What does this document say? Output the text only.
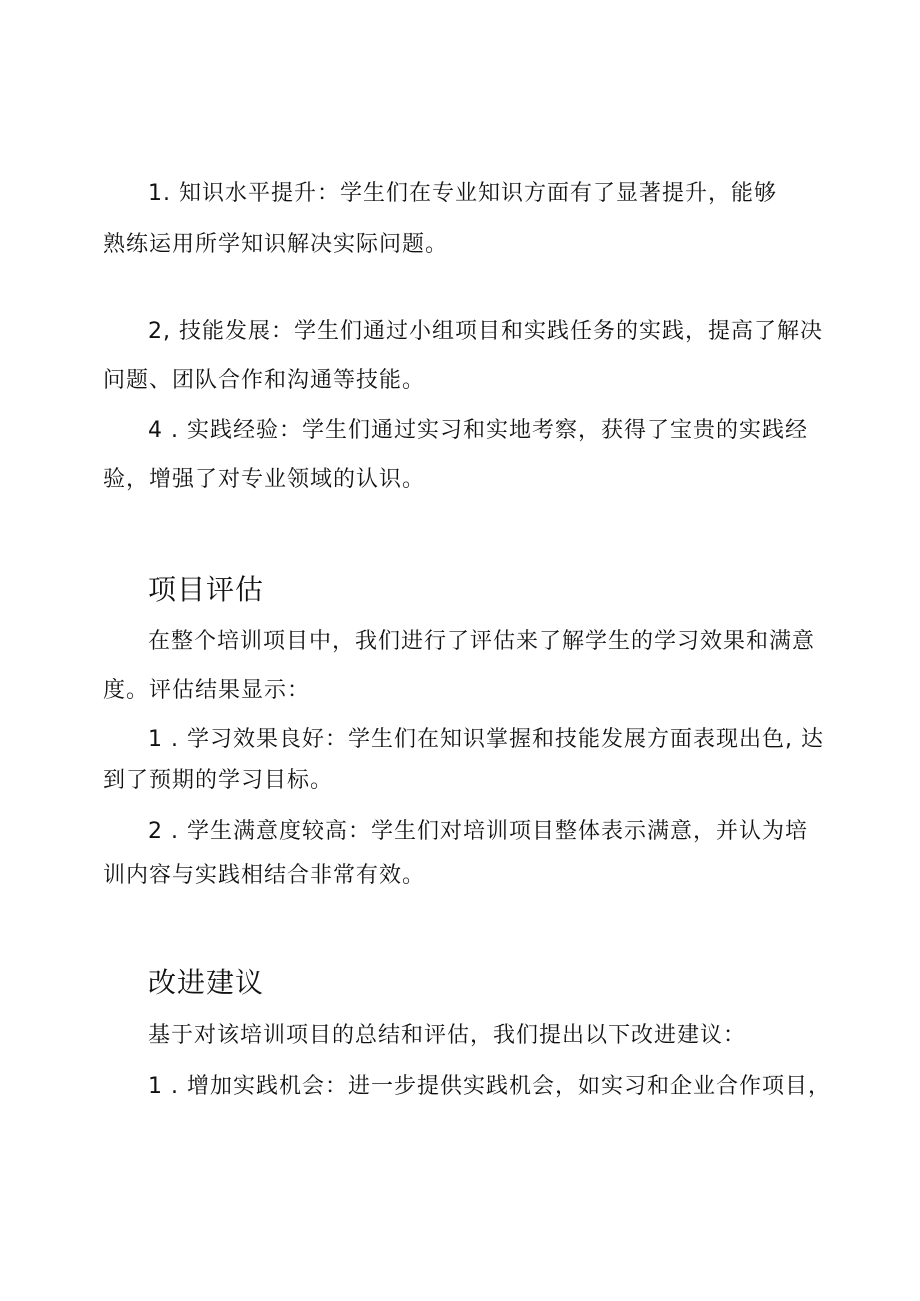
1. 知识水平提升：学生们在专业知识方面有了显著提升，能够
熟练运用所学知识解决实际问题。
2, 技能发展：学生们通过小组项目和实践任务的实践，提高了解决
问题、团队合作和沟通等技能。
4 . 实践经验：学生们通过实习和实地考察，获得了宝贵的实践经
验，增强了对专业领域的认识。
项目评估
在整个培训项目中，我们进行了评估来了解学生的学习效果和满意
度。评估结果显示：
1 . 学习效果良好：学生们在知识掌握和技能发展方面表现出色, 达
到了预期的学习目标。
2 . 学生满意度较高：学生们对培训项目整体表示满意，并认为培
训内容与实践相结合非常有效。
改进建议
基于对该培训项目的总结和评估，我们提出以下改进建议：
1 . 增加实践机会：进一步提供实践机会，如实习和企业合作项目，
